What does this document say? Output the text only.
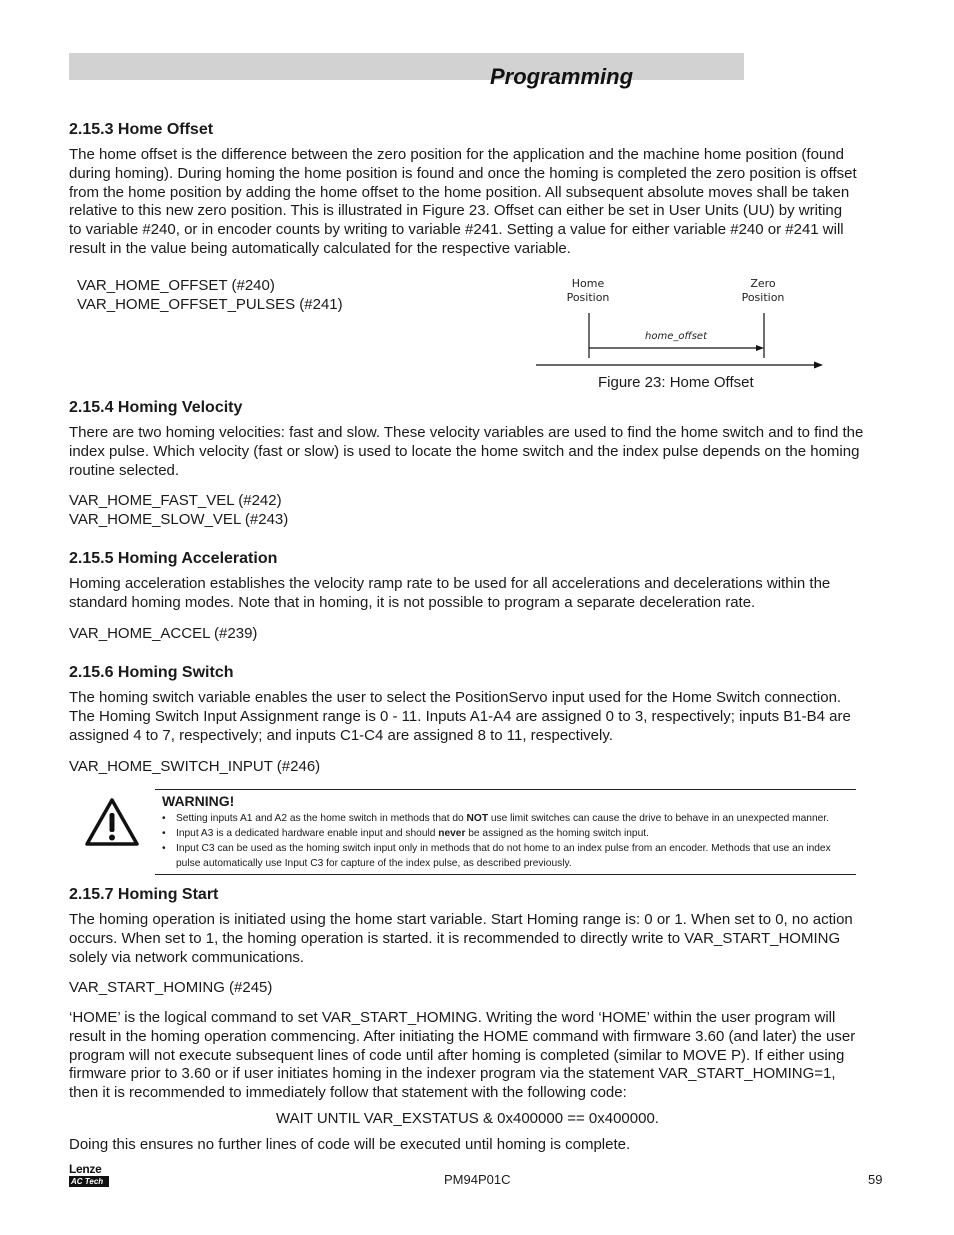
Programming
2.15.3 Home Offset
The home offset is the difference between the zero position for the application and the machine home position (found
during homing). During homing the home position is found and once the homing is completed the zero position is offset
from the home position by adding the home offset to the home position. All subsequent absolute moves shall be taken
relative to this new zero position. This is illustrated in Figure 23. Offset can either be set in User Units (UU) by writing
to variable #240, or in encoder counts by writing to variable #241. Setting a value for either variable #240 or #241 will
result in the value being automatically calculated for the respective variable.
VAR_HOME_OFFSET (#240)
VAR_HOME_OFFSET_PULSES (#241)
Home
Position
Zero
Position
home_offset
Figure 23: Home Offset
2.15.4 Homing Velocity
There are two homing velocities: fast and slow. These velocity variables are used to find the home switch and to find the
index pulse. Which velocity (fast or slow) is used to locate the home switch and the index pulse depends on the homing
routine selected.
VAR_HOME_FAST_VEL (#242)
VAR_HOME_SLOW_VEL (#243)
2.15.5 Homing Acceleration
Homing acceleration establishes the velocity ramp rate to be used for all accelerations and decelerations within the
standard homing modes. Note that in homing, it is not possible to program a separate deceleration rate.
VAR_HOME_ACCEL (#239)
2.15.6 Homing Switch
The homing switch variable enables the user to select the PositionServo input used for the Home Switch connection.
The Homing Switch Input Assignment range is 0 - 11. Inputs A1-A4 are assigned 0 to 3, respectively; inputs B1-B4 are
assigned 4 to 7, respectively; and inputs C1-C4 are assigned 8 to 11, respectively.
VAR_HOME_SWITCH_INPUT (#246)
WARNING!
• Setting inputs A1 and A2 as the home switch in methods that do NOT use limit switches can cause the drive to behave in an unexpected manner.
• Input A3 is a dedicated hardware enable input and should never be assigned as the homing switch input.
• Input C3 can be used as the homing switch input only in methods that do not home to an index pulse from an encoder. Methods that use an index
pulse automatically use Input C3 for capture of the index pulse, as described previously.
2.15.7 Homing Start
The homing operation is initiated using the home start variable. Start Homing range is: 0 or 1. When set to 0, no action
occurs. When set to 1, the homing operation is started. it is recommended to directly write to VAR_START_HOMING
solely via network communications.
VAR_START_HOMING (#245)
‘HOME’ is the logical command to set VAR_START_HOMING. Writing the word ‘HOME’ within the user program will
result in the homing operation commencing. After initiating the HOME command with firmware 3.60 (and later) the user
program will not execute subsequent lines of code until after homing is completed (similar to MOVE P). If either using
firmware prior to 3.60 or if user initiates homing in the indexer program via the statement VAR_START_HOMING=1,
then it is recommended to immediately follow that statement with the following code:
WAIT UNTIL VAR_EXSTATUS & 0x400000 == 0x400000.
Doing this ensures no further lines of code will be executed until homing is complete.
Lenze
AC Tech	PM94P01C	59
